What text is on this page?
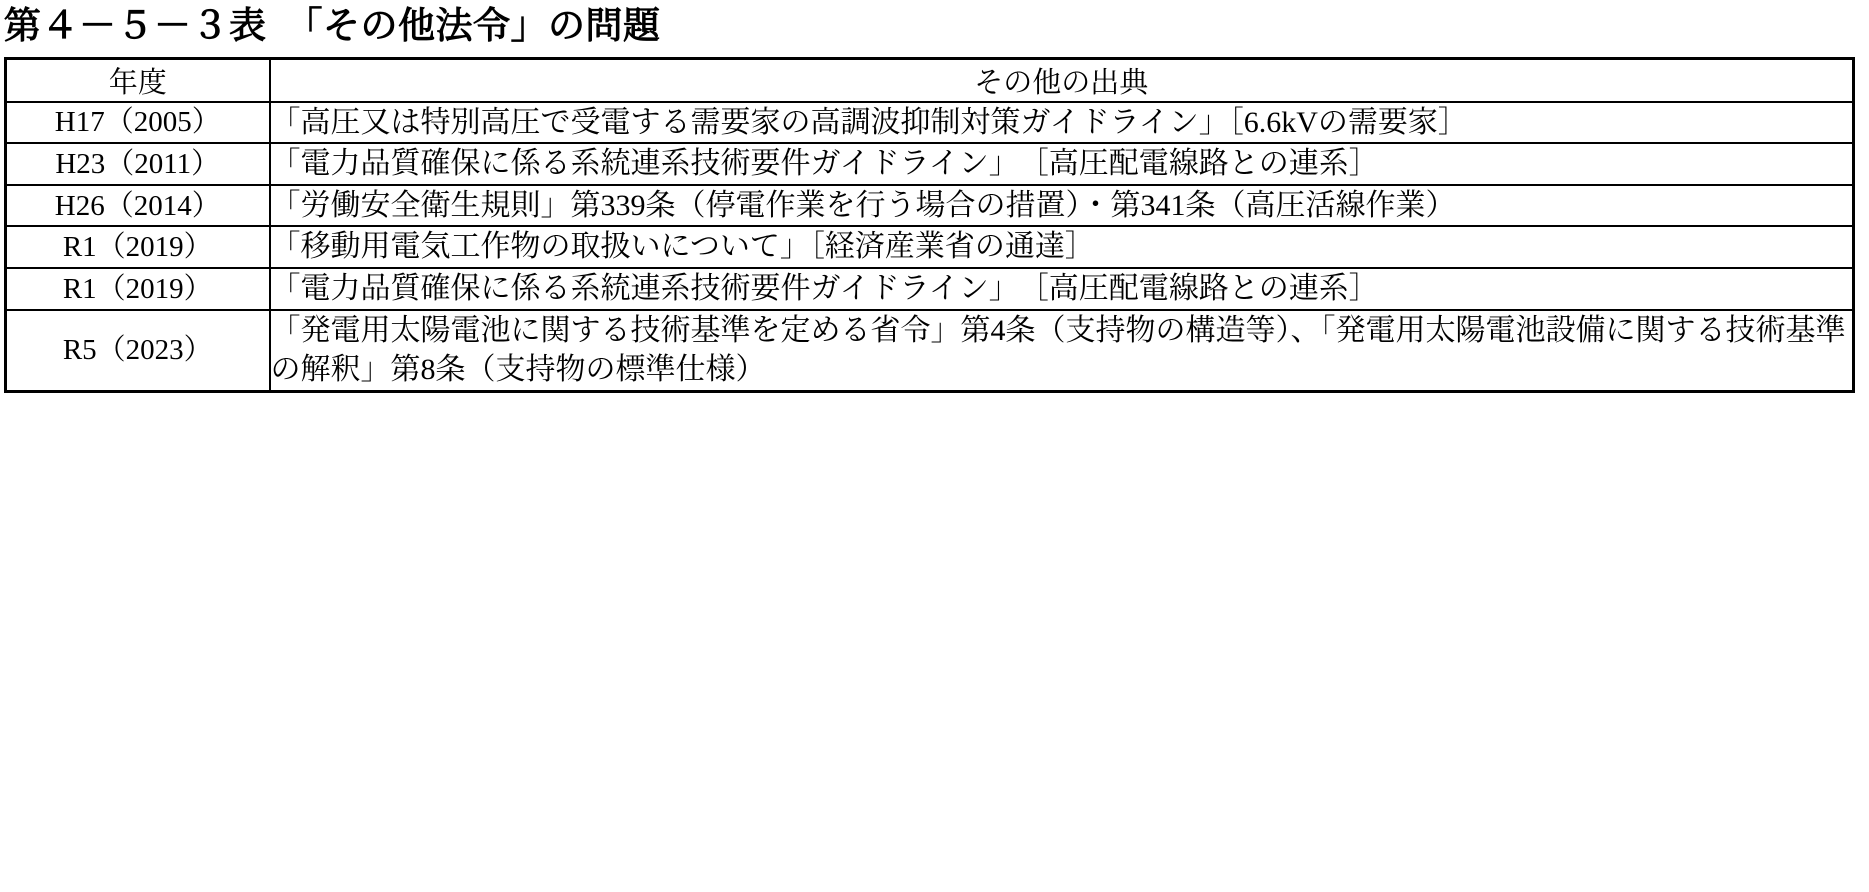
第４－５－３表　「その他法令」の問題
年度	その他の出典
H17（2005）	「高圧又は特別高圧で受電する需要家の高調波抑制対策ガイドライン」［6.6kVの需要家］
H23（2011）	「電力品質確保に係る系統連系技術要件ガイドライン」　［高圧配電線路との連系］
H26（2014）	「労働安全衛生規則」第339条（停電作業を行う場合の措置）・第341条（高圧活線作業）
R1（2019）	「移動用電気工作物の取扱いについて」［経済産業省の通達］
R1（2019）	「電力品質確保に係る系統連系技術要件ガイドライン」　［高圧配電線路との連系］
R5（2023）	「発電用太陽電池に関する技術基準を定める省令」第4条（支持物の構造等）、「発電用太陽電池設備に関する技術基準の解釈」第8条（支持物の標準仕様）
